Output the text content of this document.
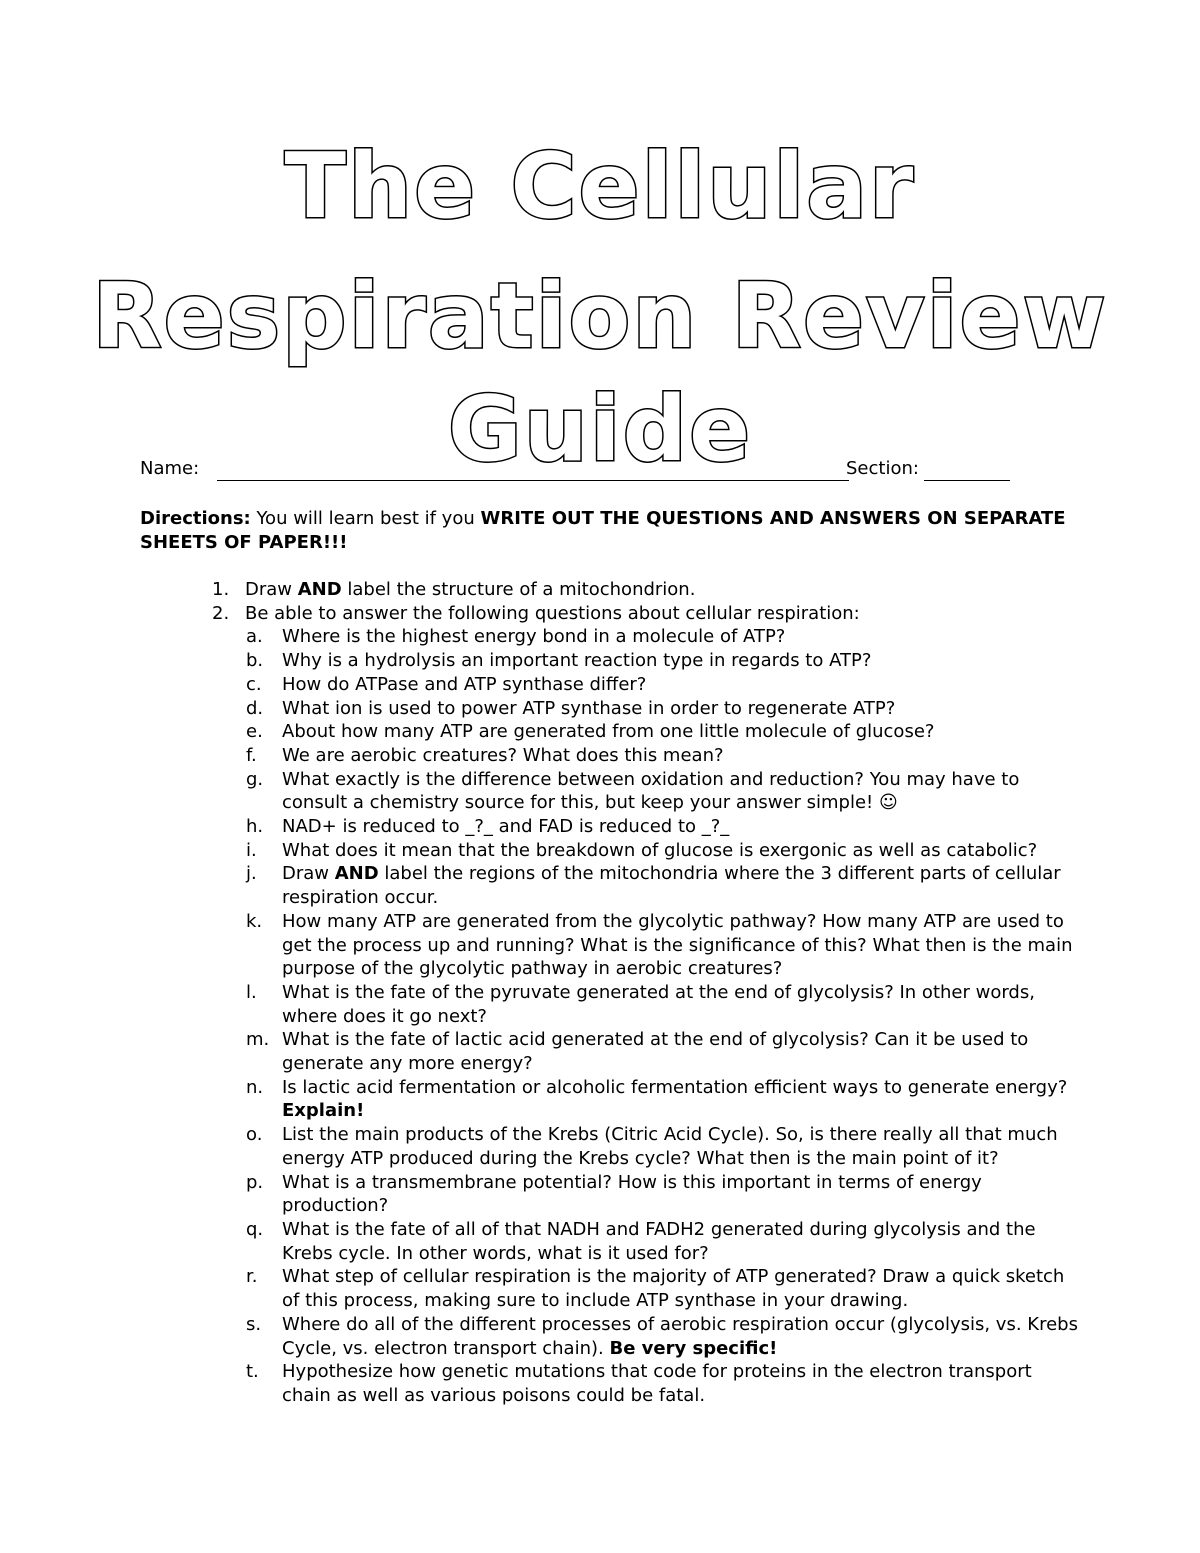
The Cellular
Respiration Review
Guide
Name:	Section:

Directions: You will learn best if you WRITE OUT THE QUESTIONS AND ANSWERS ON SEPARATE SHEETS OF PAPER!!!

1. Draw AND label the structure of a mitochondrion.
2. Be able to answer the following questions about cellular respiration:
a. Where is the highest energy bond in a molecule of ATP?
b. Why is a hydrolysis an important reaction type in regards to ATP?
c. How do ATPase and ATP synthase differ?
d. What ion is used to power ATP synthase in order to regenerate ATP?
e. About how many ATP are generated from one little molecule of glucose?
f. We are aerobic creatures? What does this mean?
g. What exactly is the difference between oxidation and reduction? You may have to consult a chemistry source for this, but keep your answer simple! ☺
h. NAD+ is reduced to _?_ and FAD is reduced to _?_
i. What does it mean that the breakdown of glucose is exergonic as well as catabolic?
j. Draw AND label the regions of the mitochondria where the 3 different parts of cellular respiration occur.
k. How many ATP are generated from the glycolytic pathway? How many ATP are used to get the process up and running? What is the significance of this? What then is the main purpose of the glycolytic pathway in aerobic creatures?
l. What is the fate of the pyruvate generated at the end of glycolysis? In other words, where does it go next?
m. What is the fate of lactic acid generated at the end of glycolysis? Can it be used to generate any more energy?
n. Is lactic acid fermentation or alcoholic fermentation efficient ways to generate energy? Explain!
o. List the main products of the Krebs (Citric Acid Cycle). So, is there really all that much energy ATP produced during the Krebs cycle? What then is the main point of it?
p. What is a transmembrane potential? How is this important in terms of energy production?
q. What is the fate of all of that NADH and FADH2 generated during glycolysis and the Krebs cycle. In other words, what is it used for?
r. What step of cellular respiration is the majority of ATP generated? Draw a quick sketch of this process, making sure to include ATP synthase in your drawing.
s. Where do all of the different processes of aerobic respiration occur (glycolysis, vs. Krebs Cycle, vs. electron transport chain). Be very specific!
t. Hypothesize how genetic mutations that code for proteins in the electron transport chain as well as various poisons could be fatal.
